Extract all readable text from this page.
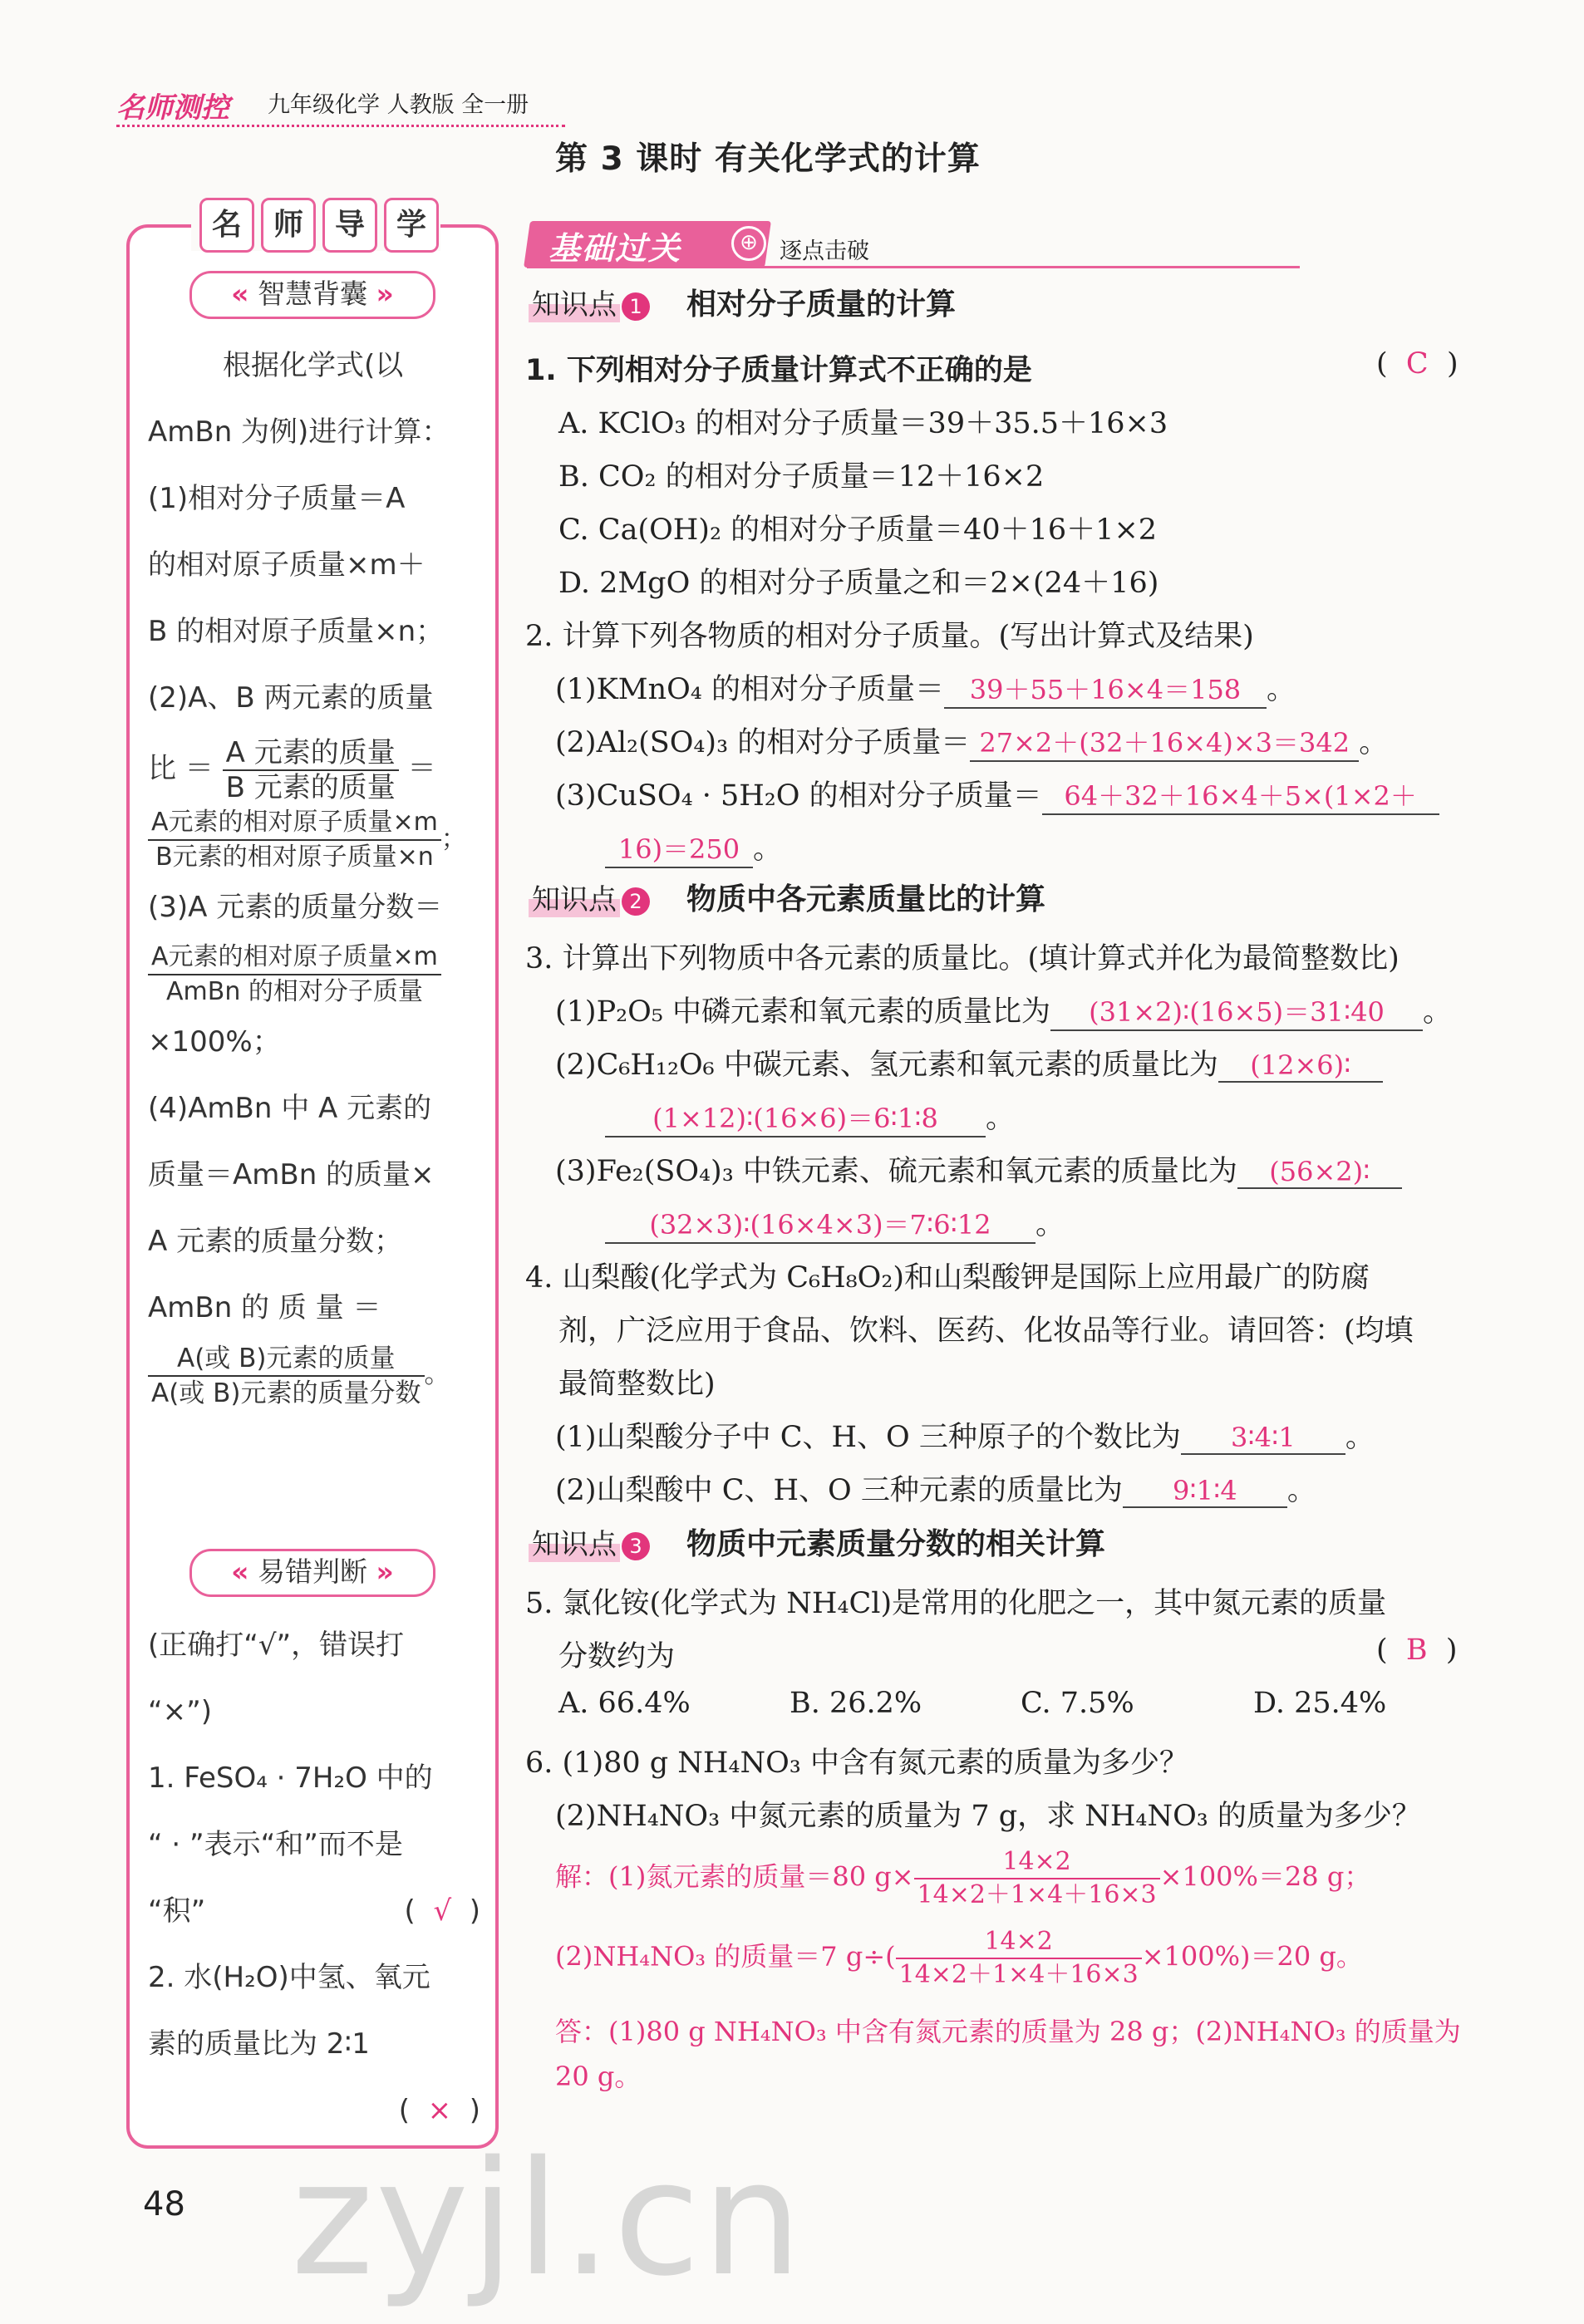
名师测控 九年级化学 人教版 全一册
第 3 课时 有关化学式的计算
名	师	导	学
« 智慧背囊 »
根据化学式(以
AmBn 为例)进行计算：
(1)相对分子质量＝A
的相对原子质量×m＋
B 的相对原子质量×n；
(2)A、B 两元素的质量
比 ＝ $\frac{\text{A 元素的质量}}{\text{B 元素的质量}}$ ＝
$\frac{\text{A元素的相对原子质量×m}}{\text{B元素的相对原子质量×n}}$ ；
(3)A 元素的质量分数＝
$\frac{\text{A元素的相对原子质量×m}}{\text{AmBn 的相对分子质量}}$
×100%；
(4)AmBn 中 A 元素的
质量＝AmBn 的质量×
A 元素的质量分数；
AmBn 的 质 量 ＝
$\frac{\text{A(或 B)元素的质量}}{\text{A(或 B)元素的质量分数}}$ 。
« 易错判断 »
(正确打“√”，错误打
“×”)
1. FeSO₄ · 7H₂O 中的
“ · ”表示“和”而不是
“积”	(  √  )
2. 水(H₂O)中氢、氧元
素的质量比为 2∶1
(  ×  )
基础过关	⊕ 逐点击破
知识点 1 相对分子质量的计算
1. 下列相对分子质量计算式不正确的是	(  C  )
A. KClO₃ 的相对分子质量＝39＋35.5＋16×3
B. CO₂ 的相对分子质量＝12＋16×2
C. Ca(OH)₂ 的相对分子质量＝40＋16＋1×2
D. 2MgO 的相对分子质量之和＝2×(24＋16)
2. 计算下列各物质的相对分子质量。(写出计算式及结果)
(1)KMnO₄ 的相对分子质量＝ 39＋55＋16×4＝158 。
(2)Al₂(SO₄)₃ 的相对分子质量＝ 27×2＋(32＋16×4)×3＝342 。
(3)CuSO₄ · 5H₂O 的相对分子质量＝ 64＋32＋16×4＋5×(1×2＋
16)＝250 。
知识点 2 物质中各元素质量比的计算
3. 计算出下列物质中各元素的质量比。(填计算式并化为最简整数比)
(1)P₂O₅ 中磷元素和氧元素的质量比为 (31×2)∶(16×5)＝31∶40 。
(2)C₆H₁₂O₆ 中碳元素、氢元素和氧元素的质量比为 (12×6)∶
(1×12)∶(16×6)＝6∶1∶8 。
(3)Fe₂(SO₄)₃ 中铁元素、硫元素和氧元素的质量比为 (56×2)∶
(32×3)∶(16×4×3)＝7∶6∶12 。
4. 山梨酸(化学式为 C₆H₈O₂)和山梨酸钾是国际上应用最广的防腐
剂，广泛应用于食品、饮料、医药、化妆品等行业。请回答：(均填
最简整数比)
(1)山梨酸分子中 C、H、O 三种原子的个数比为 3∶4∶1 。
(2)山梨酸中 C、H、O 三种元素的质量比为 9∶1∶4 。
知识点 3 物质中元素质量分数的相关计算
5. 氯化铵(化学式为 NH₄Cl)是常用的化肥之一，其中氮元素的质量
分数约为	(  B  )
A. 66.4%	B. 26.2%	C. 7.5%	D. 25.4%
6. (1)80 g NH₄NO₃ 中含有氮元素的质量为多少？
(2)NH₄NO₃ 中氮元素的质量为 7 g，求 NH₄NO₃ 的质量为多少？
解：(1)氮元素的质量＝80 $g\times \frac{14\times 2}{14\times 2+1\times 4+16\times 3} \times 100\%=28$ g；
(2)NH₄NO₃ 的质量＝7 $g\div( \frac{14\times 2}{14\times 2+1\times 4+16\times 3} \times 100\%)=20$ g。
答：(1)80 g NH₄NO₃ 中含有氮元素的质量为 28 g；(2)NH₄NO₃ 的质量为
20 g。
zyjl.cn
48
